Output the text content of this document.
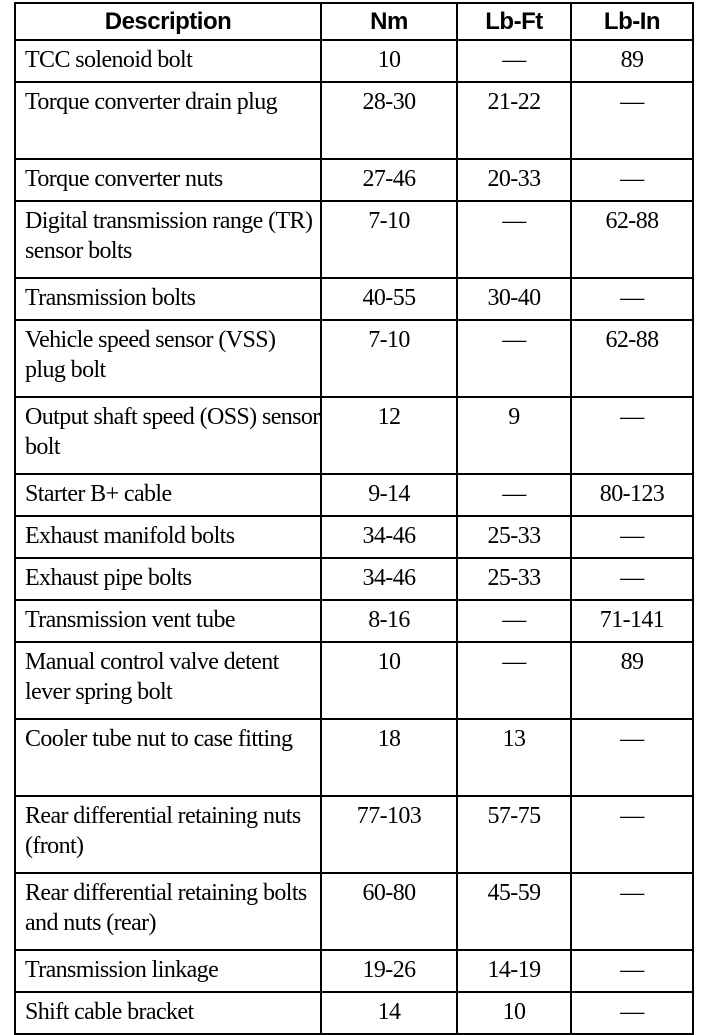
Description	Nm	Lb-Ft	Lb-In
TCC solenoid bolt	10	—	89
Torque converter drain plug	28-30	21-22	—
Torque converter nuts	27-46	20-33	—
Digital transmission range (TR) sensor bolts	7-10	—	62-88
Transmission bolts	40-55	30-40	—
Vehicle speed sensor (VSS) plug bolt	7-10	—	62-88
Output shaft speed (OSS) sensor bolt	12	9	—
Starter B+ cable	9-14	—	80-123
Exhaust manifold bolts	34-46	25-33	—
Exhaust pipe bolts	34-46	25-33	—
Transmission vent tube	8-16	—	71-141
Manual control valve detent lever spring bolt	10	—	89
Cooler tube nut to case fitting	18	13	—
Rear differential retaining nuts (front)	77-103	57-75	—
Rear differential retaining bolts and nuts (rear)	60-80	45-59	—
Transmission linkage	19-26	14-19	—
Shift cable bracket	14	10	—
